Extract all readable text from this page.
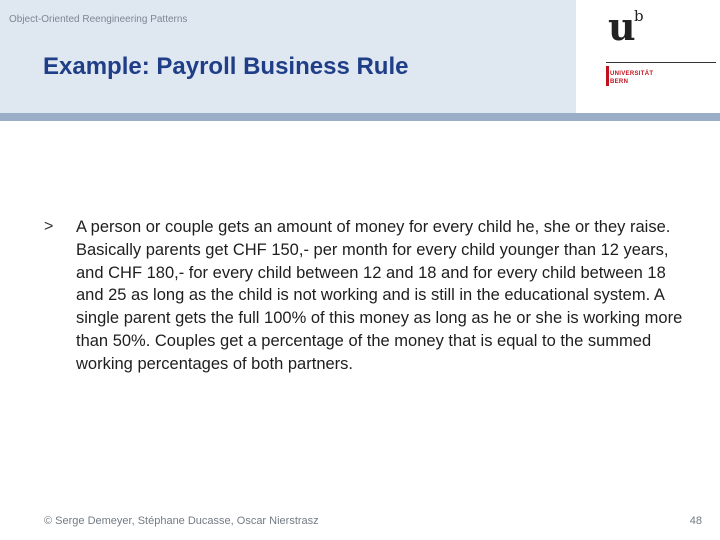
Object-Oriented Reengineering Patterns
Example: Payroll Business Rule
u
b
UNIVERSITÄT
BERN
> A person or couple gets an amount of money for every child he, she or they raise. Basically parents get CHF 150,- per month for every child younger than 12 years, and CHF 180,- for every child between 12 and 18 and for every child between 18 and 25 as long as the child is not working and is still in the educational system. A single parent gets the full 100% of this money as long as he or she is working more than 50%. Couples get a percentage of the money that is equal to the summed working percentages of both partners.
© Serge Demeyer, Stéphane Ducasse, Oscar Nierstrasz	48
